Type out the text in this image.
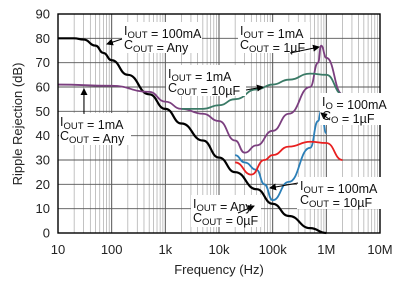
10	100	1k	10k 100k 1M 10M
0
10
20
30
40
50
60
70
80
90
$I_{OUT} = 100mA$
$C_{OUT}$ = Any
$I_{OUT} = 1mA$
$C_{OUT} = 1\mu F$
$I_{OUT} = 1mA$
$C_{OUT} = 10\mu F$
$I_O = 100mA$
$C_O = 1\mu F$
$I_{OUT} = 1mA$
$C_{OUT}$ = Any
$I_{OUT} = 100mA$
$C_{OUT} = 10\mu F$
$I_{OUT}$ = Any
$C_{OUT} = 0\mu F$
Frequency (Hz)
Ripple Rejection (dB)
